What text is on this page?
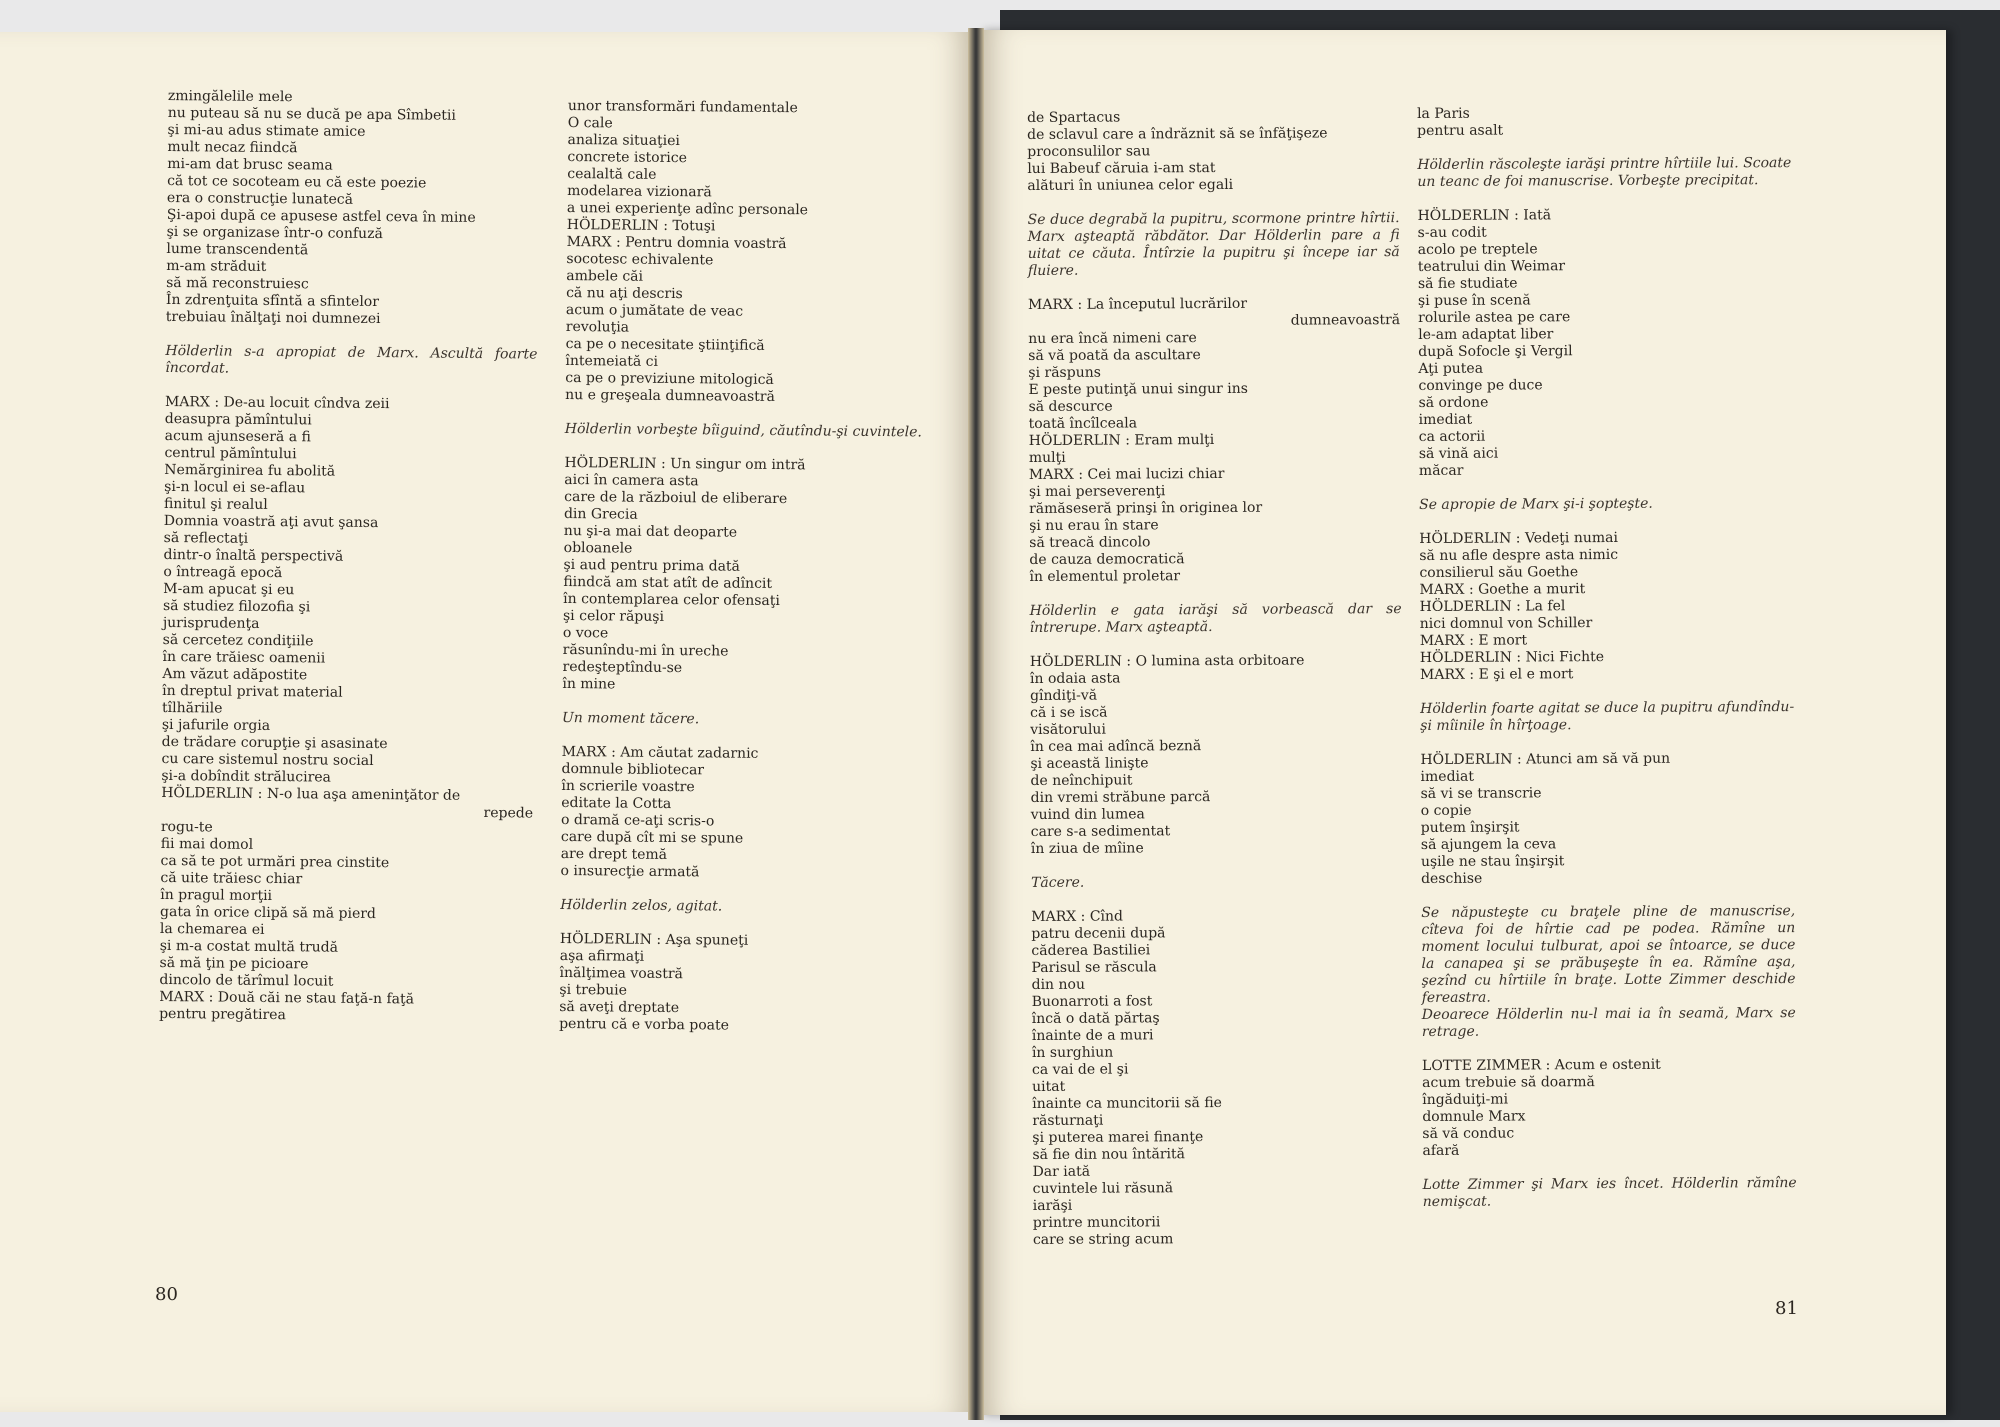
zmingălelile mele

nu puteau să nu se ducă pe apa Sîmbetii

şi mi-au adus stimate amice

mult necaz fiindcă

mi-am dat brusc seama

că tot ce socoteam eu că este poezie

era o construcţie lunatecă

Şi-apoi după ce apusese astfel ceva în mine

şi se organizase într-o confuză

lume transcendentă

m-am străduit

să mă reconstruiesc

În zdrenţuita sfîntă a sfintelor

trebuiau înălţaţi noi dumnezei

Hölderlin s-a apropiat de Marx. Ascultă foarte încordat.

MARX : De-au locuit cîndva zeii

deasupra pămîntului

acum ajunseseră a fi

centrul pămîntului

Nemărginirea fu abolită

şi-n locul ei se-aflau

finitul şi realul

Domnia voastră aţi avut şansa

să reflectaţi

dintr-o înaltă perspectivă

o întreagă epocă

M-am apucat şi eu

să studiez filozofia şi

jurisprudenţa

să cercetez condiţiile

în care trăiesc oamenii

Am văzut adăpostite

în dreptul privat material

tîlhăriile

şi jafurile orgia

de trădare corupţie şi asasinate

cu care sistemul nostru social

şi-a dobîndit strălucirea

HÖLDERLIN : N-o lua aşa ameninţător de

repede

rogu-te

fii mai domol

ca să te pot urmări prea cinstite

că uite trăiesc chiar

în pragul morţii

gata în orice clipă să mă pierd

la chemarea ei

şi m-a costat multă trudă

să mă ţin pe picioare

dincolo de tărîmul locuit

MARX : Două căi ne stau faţă-n faţă

pentru pregătirea

unor transformări fundamentale

O cale

analiza situaţiei

concrete istorice

cealaltă cale

modelarea vizionară

a unei experienţe adînc personale

HÖLDERLIN : Totuşi

MARX : Pentru domnia voastră

socotesc echivalente

ambele căi

că nu aţi descris

acum o jumătate de veac

revoluţia

ca pe o necesitate ştiinţifică

întemeiată ci

ca pe o previziune mitologică

nu e greşeala dumneavoastră

Hölderlin vorbeşte bîiguind, căutîndu-şi cuvintele.

HÖLDERLIN : Un singur om intră

aici în camera asta

care de la războiul de eliberare

din Grecia

nu şi-a mai dat deoparte

obloanele

şi aud pentru prima dată

fiindcă am stat atît de adîncit

în contemplarea celor ofensaţi

şi celor răpuşi

o voce

răsunîndu-mi în ureche

redeşteptîndu-se

în mine

Un moment tăcere.

MARX : Am căutat zadarnic

domnule bibliotecar

în scrierile voastre

editate la Cotta

o dramă ce-aţi scris-o

care după cît mi se spune

are drept temă

o insurecţie armată

Hölderlin zelos, agitat.

HÖLDERLIN : Aşa spuneţi

aşa afirmaţi

înălţimea voastră

şi trebuie

să aveţi dreptate

pentru că e vorba poate

de Spartacus

de sclavul care a îndrăznit să se înfăţişeze

proconsulilor sau

lui Babeuf căruia i-am stat

alături în uniunea celor egali

Se duce degrabă la pupitru, scormone printre hîrtii. Marx aşteaptă răbdător. Dar Hölderlin pare a fi uitat ce căuta. Întîrzie la pupitru şi începe iar să fluiere.

MARX : La începutul lucrărilor

dumneavoastră

nu era încă nimeni care

să vă poată da ascultare

şi răspuns

E peste putinţă unui singur ins

să descurce

toată încîlceala

HÖLDERLIN : Eram mulţi

mulţi

MARX : Cei mai lucizi chiar

şi mai perseverenţi

rămăseseră prinşi în originea lor

şi nu erau în stare

să treacă dincolo

de cauza democratică

în elementul proletar

Hölderlin e gata iarăşi să vorbească dar se întrerupe. Marx aşteaptă.

HÖLDERLIN : O lumina asta orbitoare

în odaia asta

gîndiţi-vă

că i se iscă

visătorului

în cea mai adîncă beznă

şi această linişte

de neînchipuit

din vremi străbune parcă

vuind din lumea

care s-a sedimentat

în ziua de mîine

Tăcere.

MARX : Cînd

patru decenii după

căderea Bastiliei

Parisul se răscula

din nou

Buonarroti a fost

încă o dată părtaş

înainte de a muri

în surghiun

ca vai de el şi

uitat

înainte ca muncitorii să fie

răsturnaţi

şi puterea marei finanţe

să fie din nou întărită

Dar iată

cuvintele lui răsună

iarăşi

printre muncitorii

care se string acum

la Paris

pentru asalt

Hölderlin răscoleşte iarăşi printre hîrtiile lui. Scoate un teanc de foi manuscrise. Vorbeşte precipitat.

HÖLDERLIN : Iată

s-au codit

acolo pe treptele

teatrului din Weimar

să fie studiate

şi puse în scenă

rolurile astea pe care

le-am adaptat liber

după Sofocle şi Vergil

Aţi putea

convinge pe duce

să ordone

imediat

ca actorii

să vină aici

măcar

Se apropie de Marx şi-i şopteşte.

HÖLDERLIN : Vedeţi numai

să nu afle despre asta nimic

consilierul său Goethe

MARX : Goethe a murit

HÖLDERLIN : La fel

nici domnul von Schiller

MARX : E mort

HÖLDERLIN : Nici Fichte

MARX : E şi el e mort

Hölderlin foarte agitat se duce la pupitru afundîndu-şi mîinile în hîrţoage.

HÖLDERLIN : Atunci am să vă pun

imediat

să vi se transcrie

o copie

putem înşirşit

să ajungem la ceva

uşile ne stau înşirşit

deschise

Se năpusteşte cu braţele pline de manuscrise, cîteva foi de hîrtie cad pe podea. Rămîne un moment locului tulburat, apoi se întoarce, se duce la canapea şi se prăbuşeşte în ea. Rămîne aşa, şezînd cu hîrtiile în braţe. Lotte Zimmer deschide fereastra.

Deoarece Hölderlin nu-l mai ia în seamă, Marx se retrage.

LOTTE ZIMMER : Acum e ostenit

acum trebuie să doarmă

îngăduiţi-mi

domnule Marx

să vă conduc

afară

Lotte Zimmer şi Marx ies încet. Hölderlin rămîne nemişcat.

80
81
